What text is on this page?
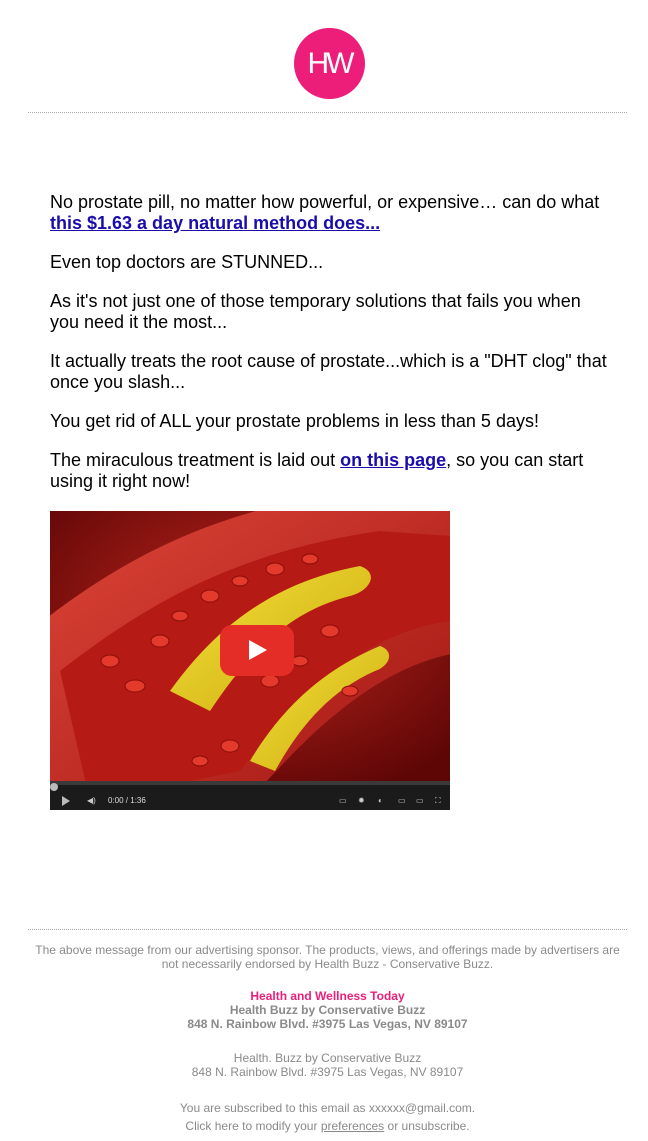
HW

No prostate pill, no matter how powerful, or expensive… can do what this $1.63 a day natural method does...

Even top doctors are STUNNED...

As it's not just one of those temporary solutions that fails you when you need it the most...

It actually treats the root cause of prostate...which is a "DHT clog" that once you slash...

You get rid of ALL your prostate problems in less than 5 days!

The miraculous treatment is laid out on this page, so you can start using it right now!

◀) 0:00 / 1:36	▭ ✹ ◐ ▭ ▭ ⛶
The above message from our advertising sponsor. The products, views, and offerings made by advertisers are not necessarily endorsed by Health Buzz - Conservative Buzz.
Health and Wellness Today
Health Buzz by Conservative Buzz
848 N. Rainbow Blvd. #3975 Las Vegas, NV 89107
Health. Buzz by Conservative Buzz
848 N. Rainbow Blvd. #3975 Las Vegas, NV 89107
You are subscribed to this email as xxxxxx@gmail.com.
Click here to modify your preferences or unsubscribe.
